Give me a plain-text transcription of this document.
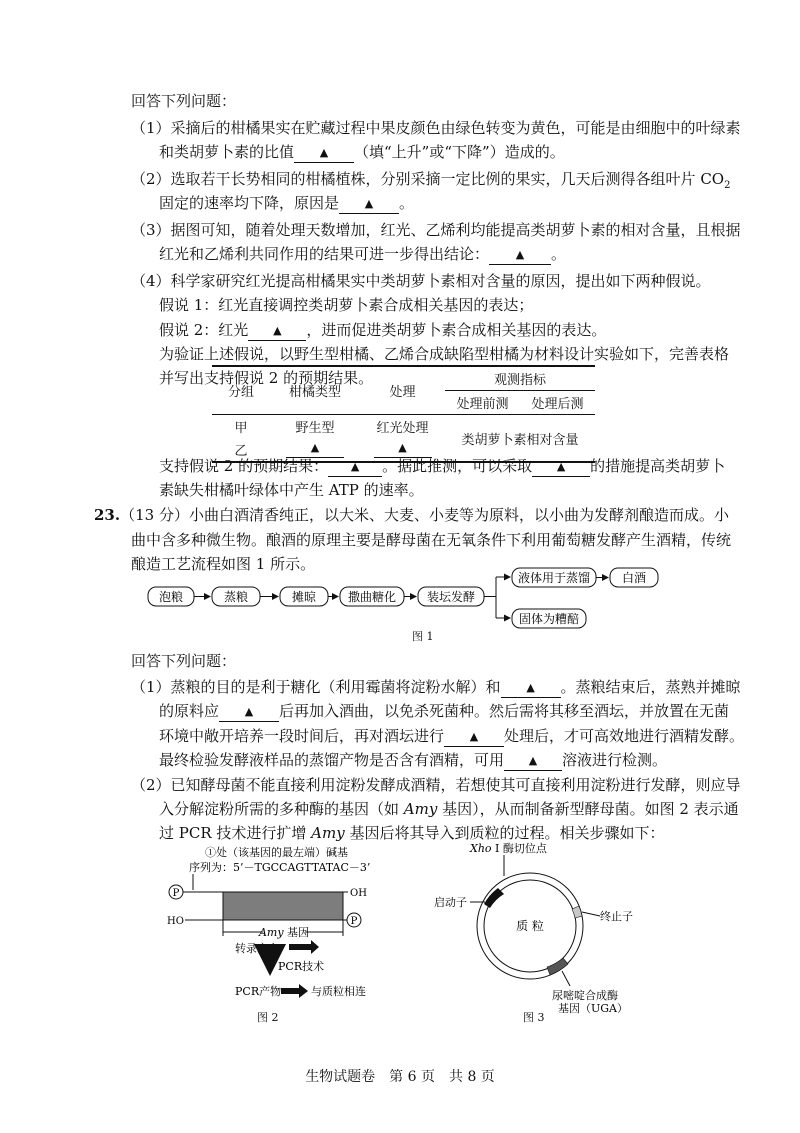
回答下列问题：
（1）采摘后的柑橘果实在贮藏过程中果皮颜色由绿色转变为黄色，可能是由细胞中的叶绿素
和类胡萝卜素的比值 ▲ （填“上升”或“下降”）造成的。
（2）选取若干长势相同的柑橘植株，分别采摘一定比例的果实，几天后测得各组叶片 $CO_2$
固定的速率均下降，原因是 ▲ 。
（3）据图可知，随着处理天数增加，红光、乙烯利均能提高类胡萝卜素的相对含量，且根据
红光和乙烯利共同作用的结果可进一步得出结论： ▲ 。
（4）科学家研究红光提高柑橘果实中类胡萝卜素相对含量的原因，提出如下两种假说。
假说 1：红光直接调控类胡萝卜素合成相关基因的表达；
假说 2：红光 ▲ ，进而促进类胡萝卜素合成相关基因的表达。
为验证上述假说，以野生型柑橘、乙烯合成缺陷型柑橘为材料设计实验如下，完善表格
并写出支持假说 2 的预期结果。
分组	柑橘类型	处理	观测指标	
			处理前测	处理后测
甲	野生型	红光处理	类胡萝卜素相对含量	
乙	▲	▲		
支持假说 2 的预期结果： ▲ 。据此推测，可以采取 ▲ 的措施提高类胡萝卜
素缺失柑橘叶绿体中产生 ATP 的速率。
23.（13 分）小曲白酒清香纯正，以大米、大麦、小麦等为原料，以小曲为发酵剂酿造而成。小
曲中含多种微生物。酿酒的原理主要是酵母菌在无氧条件下利用葡萄糖发酵产生酒精，传统
酿造工艺流程如图 1 所示。
泡粮	蒸粮	摊晾	撒曲糖化	装坛发酵
液体用于蒸馏	白酒
固体为糟醅
图 1
回答下列问题：
（1）蒸粮的目的是利于糖化（利用霉菌将淀粉水解）和 ▲ 。蒸粮结束后，蒸熟并摊晾
的原料应 ▲ 后再加入酒曲，以免杀死菌种。然后需将其移至酒坛，并放置在无菌
环境中敞开培养一段时间后，再对酒坛进行 ▲ 处理后，才可高效地进行酒精发酵。
最终检验发酵液样品的蒸馏产物是否含有酒精，可用 ▲ 溶液进行检测。
（2）已知酵母菌不能直接利用淀粉发酵成酒精，若想使其可直接利用淀粉进行发酵，则应导
入分解淀粉所需的多种酶的基因（如 Amy 基因），从而制备新型酵母菌。如图 2 表示通
过 PCR 技术进行扩增 Amy 基因后将其导入到质粒的过程。相关步骤如下：
①处（该基因的最左端）碱基
序列为：5’－TGCCAGTTATAC－3’
P	OH
HO	P
Amy 基因
转录方向
PCR技术
PCR产物	与质粒相连
图 2
Xho I 酶切位点
启动子
终止子
尿嘧啶合成酶
基因（UGA）
质 粒
图 3
生物试题卷　第 6 页　共 8 页
